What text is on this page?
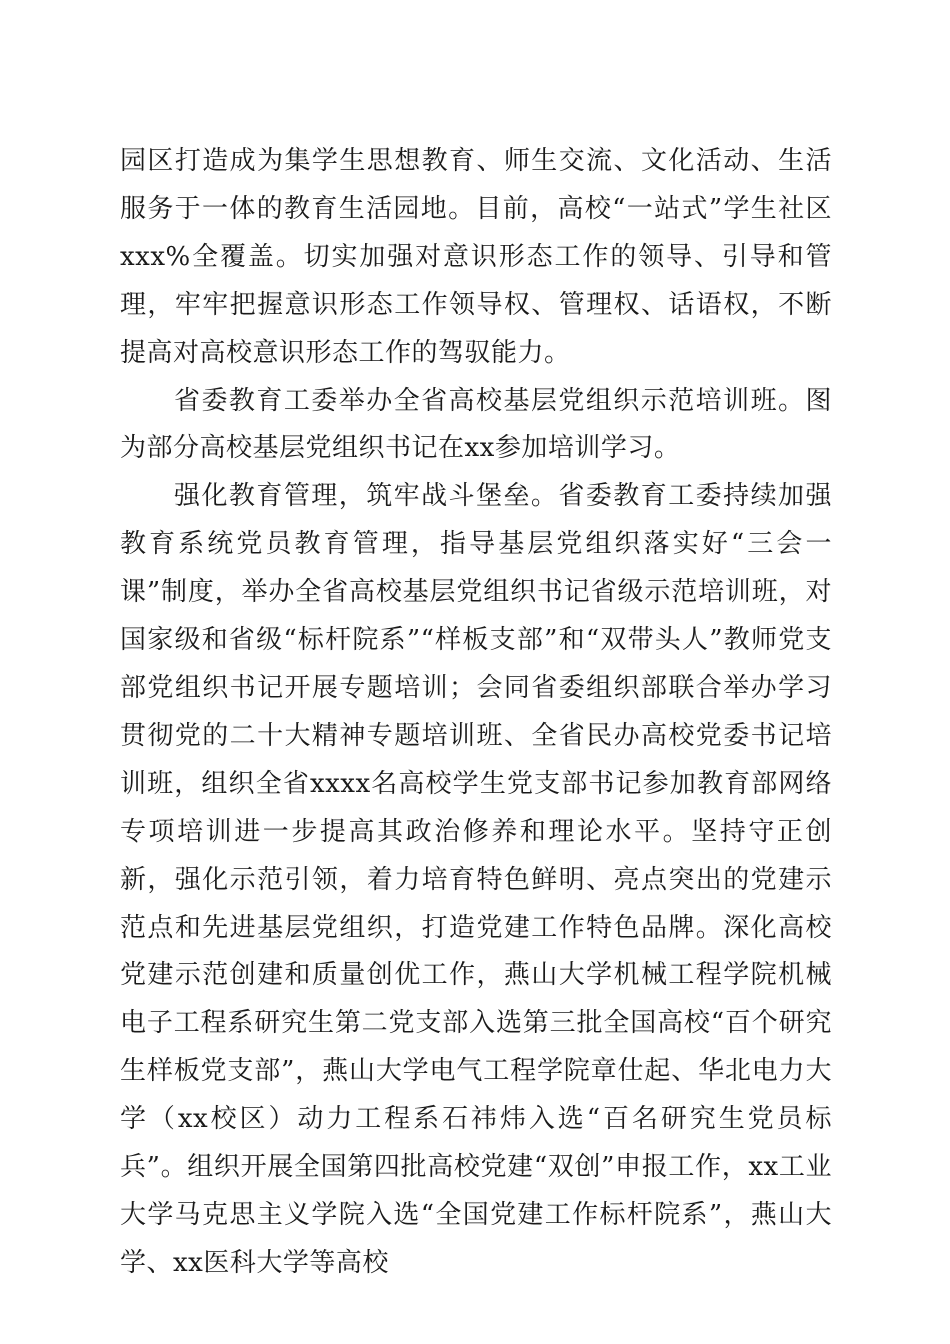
园区打造成为集学生思想教育、师生交流、文化活动、生活服务于一体的教育生活园地。目前，高校“一站式”学生社区xxx%全覆盖。切实加强对意识形态工作的领导、引导和管理，牢牢把握意识形态工作领导权、管理权、话语权，不断提高对高校意识形态工作的驾驭能力。

省委教育工委举办全省高校基层党组织示范培训班。图为部分高校基层党组织书记在xx参加培训学习。

强化教育管理，筑牢战斗堡垒。省委教育工委持续加强教育系统党员教育管理，指导基层党组织落实好“三会一课”制度，举办全省高校基层党组织书记省级示范培训班，对国家级和省级“标杆院系”“样板支部”和“双带头人”教师党支部党组织书记开展专题培训；会同省委组织部联合举办学习贯彻党的二十大精神专题培训班、全省民办高校党委书记培训班，组织全省xxxx名高校学生党支部书记参加教育部网络专项培训进一步提高其政治修养和理论水平。坚持守正创新，强化示范引领，着力培育特色鲜明、亮点突出的党建示范点和先进基层党组织，打造党建工作特色品牌。深化高校党建示范创建和质量创优工作，燕山大学机械工程学院机械电子工程系研究生第二党支部入选第三批全国高校“百个研究生样板党支部”，燕山大学电气工程学院章仕起、华北电力大学（xx校区）动力工程系石祎炜入选“百名研究生党员标兵”。组织开展全国第四批高校党建“双创”申报工作，xx工业大学马克思主义学院入选“全国党建工作标杆院系”，燕山大学、xx医科大学等高校
